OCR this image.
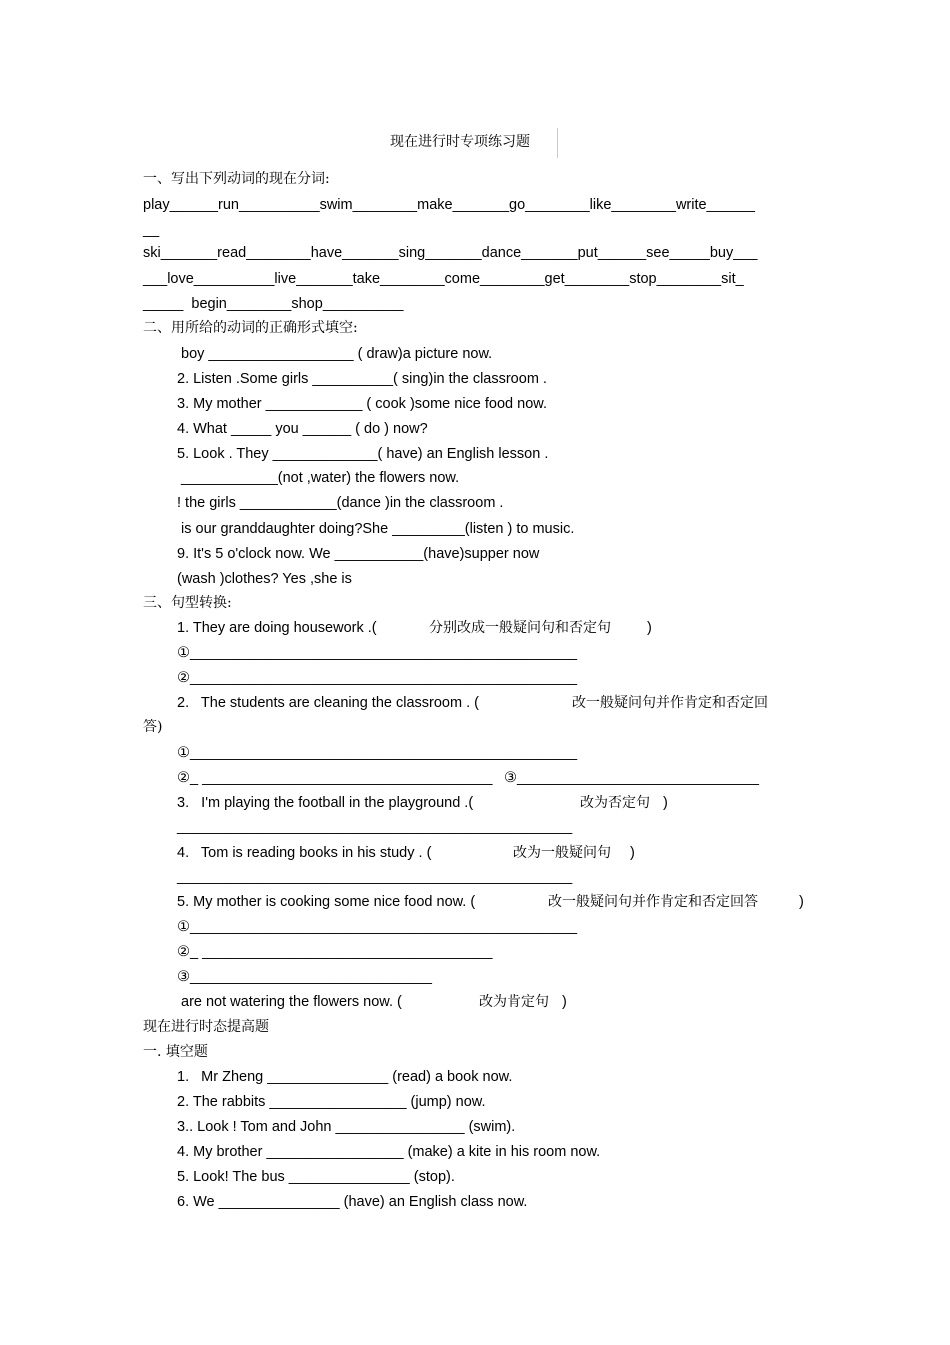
现在进行时专项练习题
一、写出下列动词的现在分词:
play______run__________swim________make_______go________like________write______
__
ski_______read________have_______sing_______dance_______put______see_____buy___
___love__________live_______take________come________get________stop________sit_
_____  begin________shop__________
二、用所给的动词的正确形式填空:
boy __________________ ( draw)a picture now.
2. Listen .Some girls __________( sing)in the classroom .
3. My mother ____________ ( cook )some nice food now.
4. What _____ you ______ ( do ) now?
5. Look . They _____________( have) an English lesson .
____________(not ,water) the flowers now.
! the girls ____________(dance )in the classroom .
is our granddaughter doing?She _________(listen ) to music.
9. It's 5 o'clock now. We ___________(have)supper now
(wash )clothes? Yes ,she is
三、句型转换:
1. They are doing housework .(	分别改成一般疑问句和否定句 )
①________________________________________________
②________________________________________________
2.   The students are cleaning the classroom . (	改一般疑问句并作肯定和否定回
答)
①________________________________________________
②_ ____________________________________ ③______________________________
3.   I'm playing the football in the playground .(	改为否定句 )
_________________________________________________
4.   Tom is reading books in his study . (	改为一般疑问句 )
_________________________________________________
5. My mother is cooking some nice food now. (	改一般疑问句并作肯定和否定回答	)
①________________________________________________
②_ ____________________________________
③______________________________
are not watering the flowers now. (	改为肯定句 )
现在进行时态提高题
一. 填空题
1.   Mr Zheng _______________ (read) a book now.
2. The rabbits _________________ (jump) now.
3.. Look ! Tom and John ________________ (swim).
4. My brother _________________ (make) a kite in his room now.
5. Look! The bus _______________ (stop).
6. We _______________ (have) an English class now.
